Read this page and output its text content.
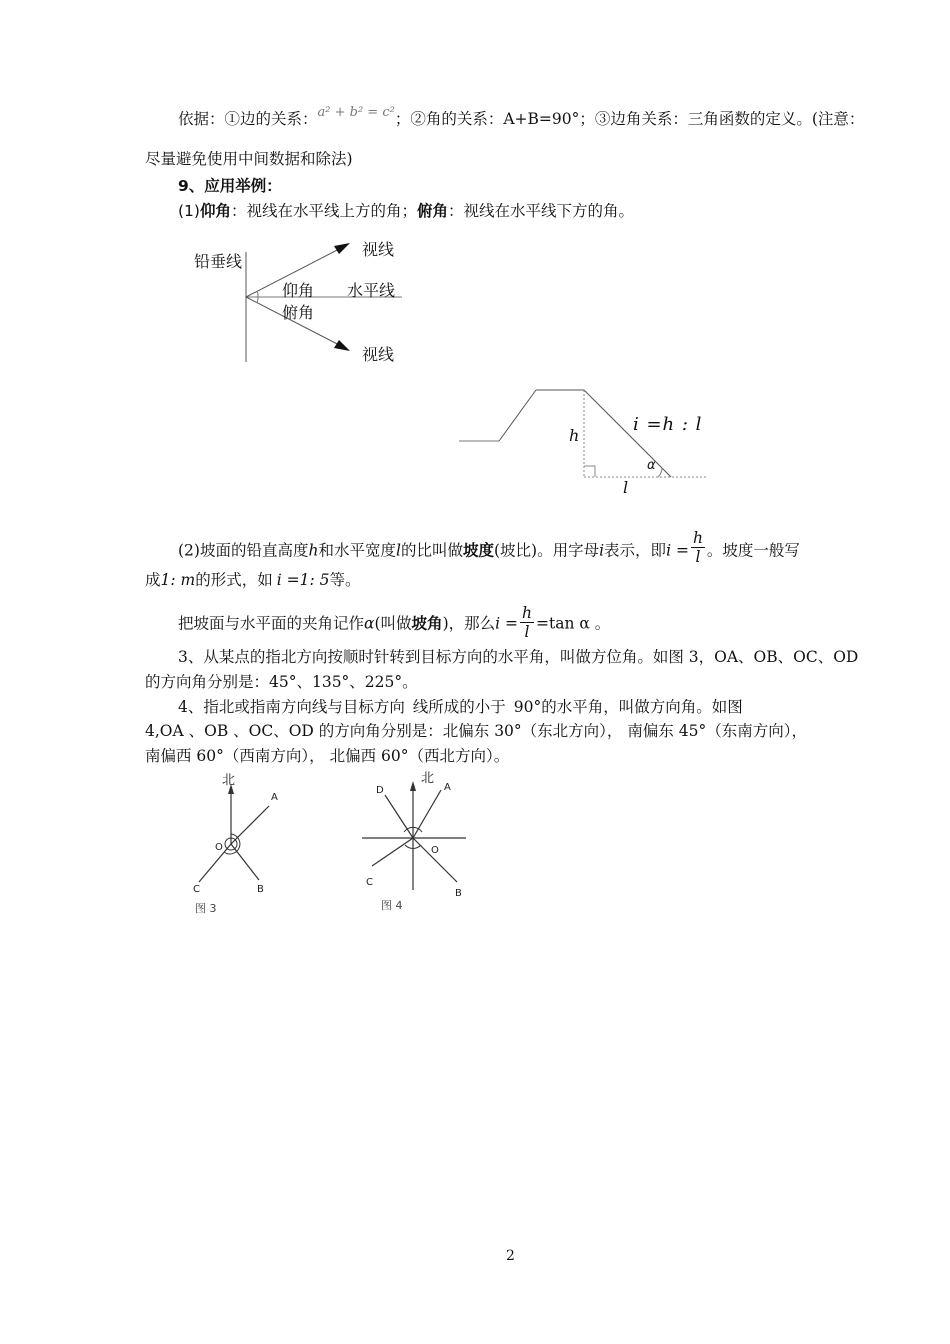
依据：①边的关系：$^{a^2 + b^2 = c^2}$；②角的关系：A+B=90°；③边角关系：三角函数的定义。(注意：
尽量避免使用中间数据和除法)
9、应用举例：
(1)仰角：视线在水平线上方的角；俯角：视线在水平线下方的角。
铅垂线
视线
仰角 水平线
俯角
视线
h
l
i =h : l
α
(2)坡面的铅直高度h和水平宽度l的比叫做坡度(坡比)。用字母i表示，即$i = \frac{h}{l}$ 。坡度一般写
成1: m的形式，如 i =1: 5等。
把坡面与水平面的夹角记作α(叫做坡角)，那么$i = \frac{h}{l} =\tan$ α 。
3、从某点的指北方向按顺时针转到目标方向的水平角，叫做方位角。如图 3，OA、OB、OC、OD
的方向角分别是：45°、135°、225°。
4、指北或指南方向线与目标方向 线所成的小于 90°的水平角，叫做方向角。如图
4,OA 、OB 、OC、OD 的方向角分别是：北偏东 30°（东北方向）， 南偏东 45°（东南方向），
南偏西 60°（西南方向）， 北偏西 60°（西北方向）。
北
A
O
C	B
图 3
D
北
A
O
C
B
图 4
2
